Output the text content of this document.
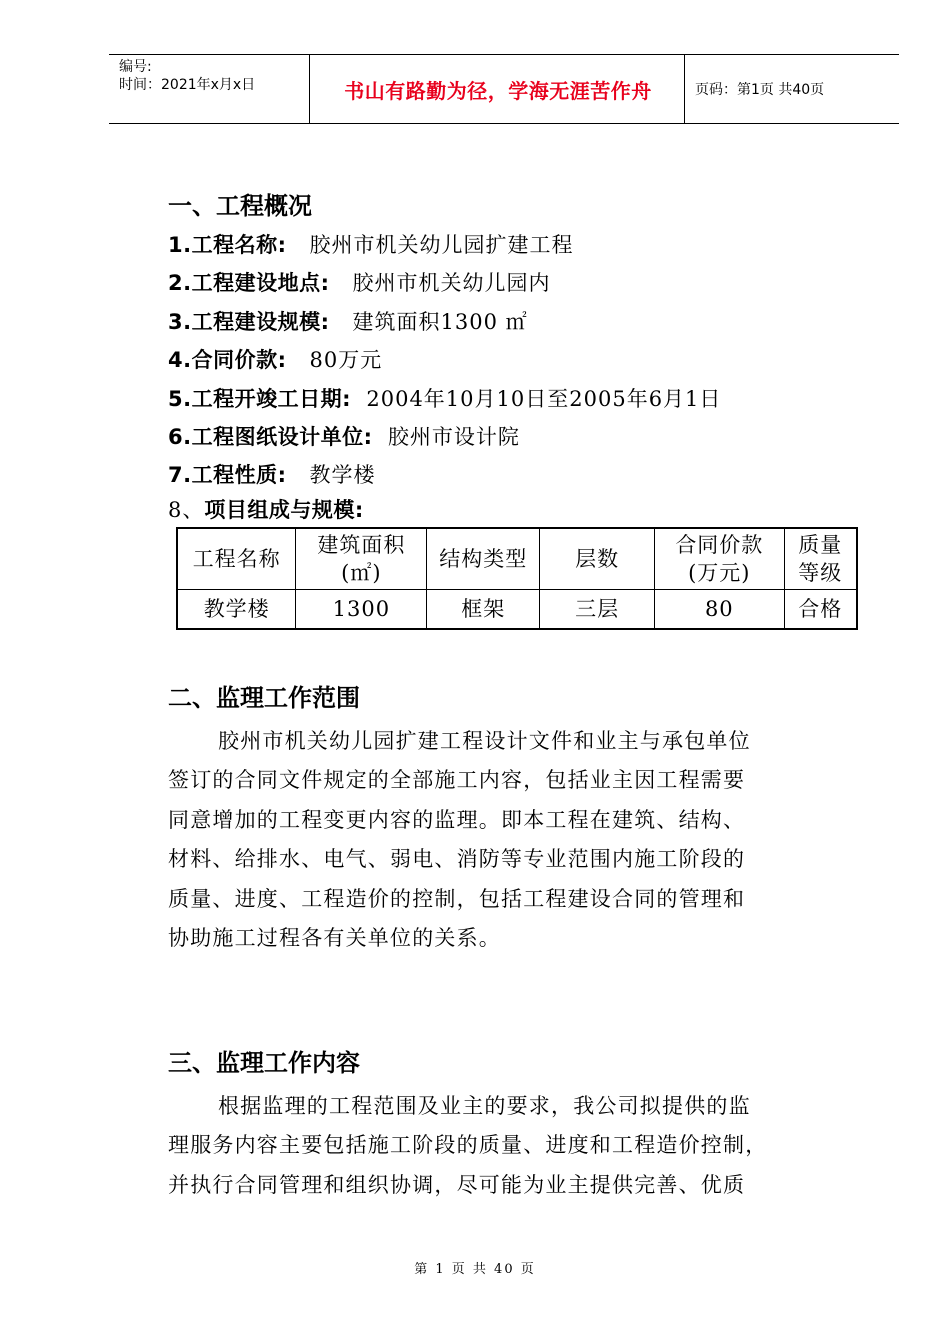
编号:
时间：2021年x月x日	书山有路勤为径，学海无涯苦作舟	页码：第1页 共40页
一、工程概况
1.工程名称: 胶州市机关幼儿园扩建工程
2.工程建设地点: 胶州市机关幼儿园内
3.工程建设规模: 建筑面积1300 ㎡
4.合同价款: 80万元
5.工程开竣工日期: 2004年10月10日至2005年6月1日
6.工程图纸设计单位: 胶州市设计院
7.工程性质: 教学楼
8、项目组成与规模:
工程名称	建筑面积(㎡)	结构类型	层数	合同价款(万元)	质量等级
教学楼	1300	框架	三层	80	合格
二、监理工作范围

胶州市机关幼儿园扩建工程设计文件和业主与承包单位

签订的合同文件规定的全部施工内容，包括业主因工程需要

同意增加的工程变更内容的监理。即本工程在建筑、结构、

材料、给排水、电气、弱电、消防等专业范围内施工阶段的

质量、进度、工程造价的控制，包括工程建设合同的管理和

协助施工过程各有关单位的关系。

三、监理工作内容

根据监理的工程范围及业主的要求，我公司拟提供的监

理服务内容主要包括施工阶段的质量、进度和工程造价控制，

并执行合同管理和组织协调，尽可能为业主提供完善、优质

第 1 页 共 40 页
